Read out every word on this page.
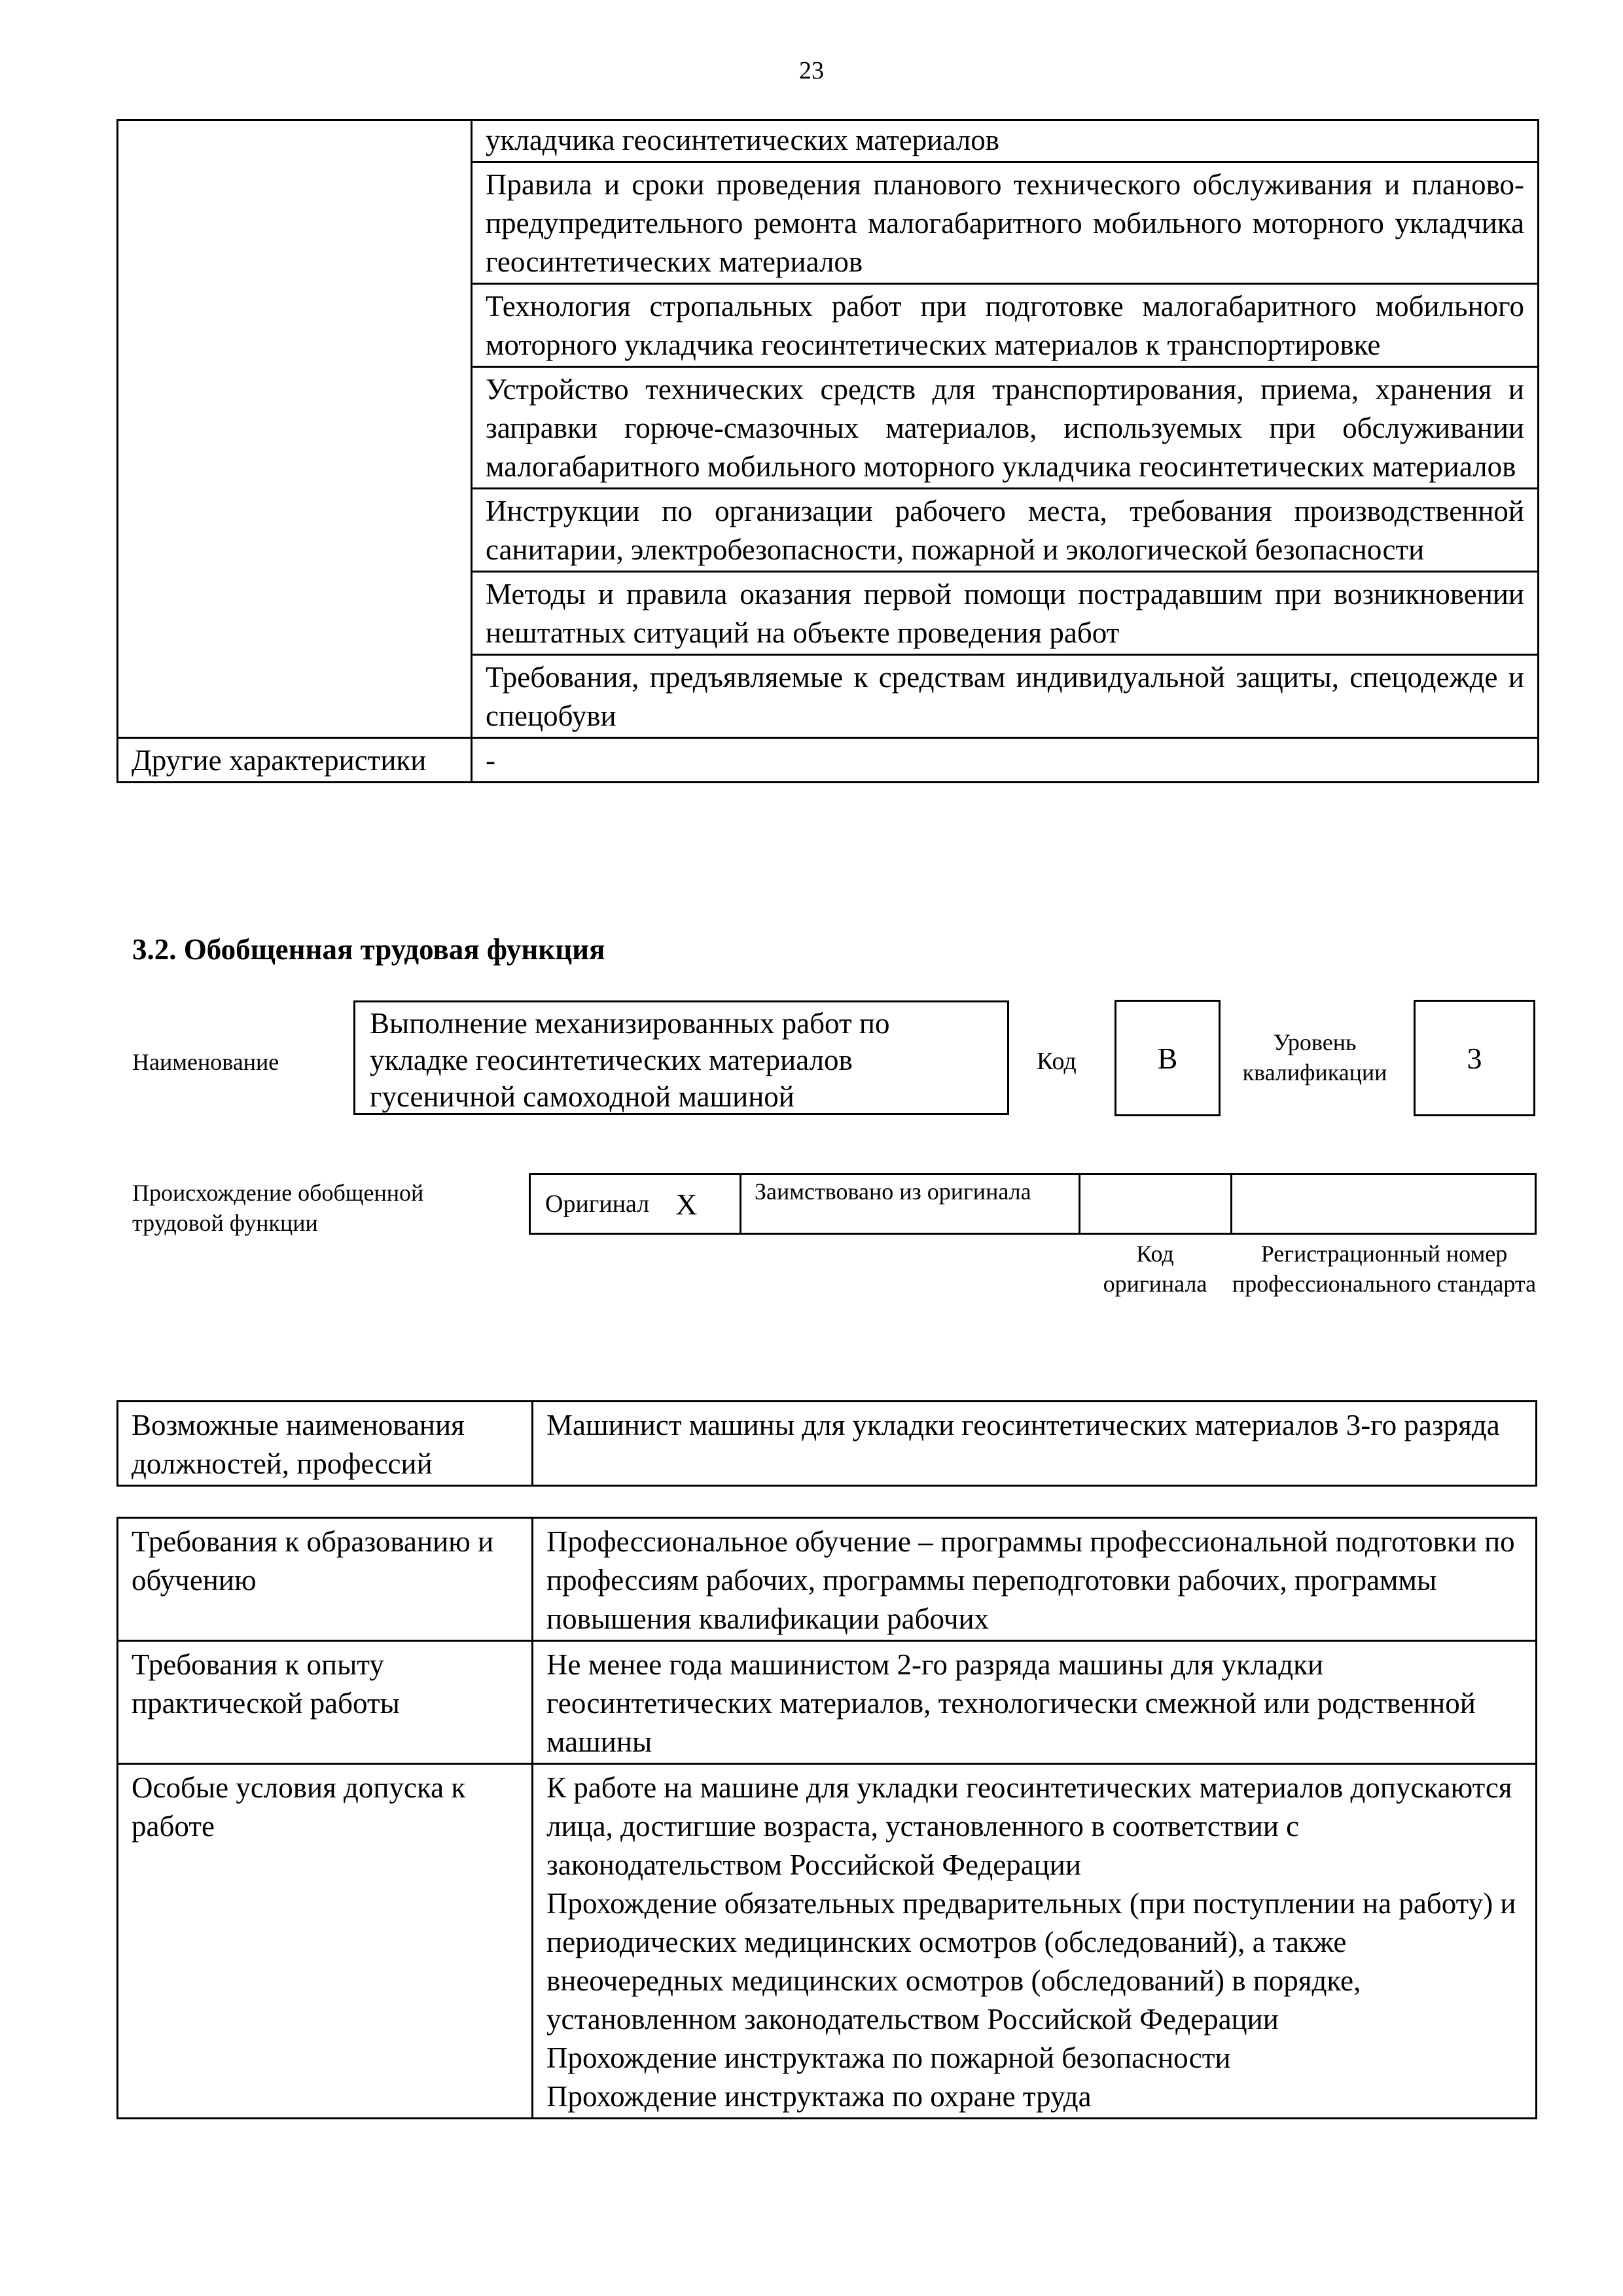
23
	укладчика геосинтетических материалов
	Правила и сроки проведения планового технического обслуживания и планово-предупредительного ремонта малогабаритного мобильного моторного укладчика геосинтетических материалов
	Технология стропальных работ при подготовке малогабаритного мобильного моторного укладчика геосинтетических материалов к транспортировке
	Устройство технических средств для транспортирования, приема, хранения и заправки горюче-смазочных материалов, используемых при обслуживании малогабаритного мобильного моторного укладчика геосинтетических материалов
	Инструкции по организации рабочего места, требования производственной санитарии, электробезопасности, пожарной и экологической безопасности
	Методы и правила оказания первой помощи пострадавшим при возникновении нештатных ситуаций на объекте проведения работ
	Требования, предъявляемые к средствам индивидуальной защиты, спецодежде и спецобуви
Другие характеристики	-
3.2. Обобщенная трудовая функция
Наименование
Выполнение механизированных работ по укладке геосинтетических материалов гусеничной самоходной машиной
Код	В	Уровень квалификации	3
Происхождение обобщенной трудовой функции
Оригинал X	Заимствовано из оригинала
Код оригинала
Регистрационный номер профессионального стандарта
Возможные наименования должностей, профессий	Машинист машины для укладки геосинтетических материалов 3-го разряда
Требования к образованию и обучению	Профессиональное обучение – программы профессиональной подготовки по профессиям рабочих, программы переподготовки рабочих, программы повышения квалификации рабочих

Требования к опыту практической работы	Не менее года машинистом 2-го разряда машины для укладки геосинтетических материалов, технологически смежной или родственной машины

Особые условия допуска к работе	К работе на машине для укладки геосинтетических материалов допускаются лица, достигшие возраста, установленного в соответствии с законодательством Российской Федерации
Прохождение обязательных предварительных (при поступлении на работу) и периодических медицинских осмотров (обследований), а также внеочередных медицинских осмотров (обследований) в порядке, установленном законодательством Российской Федерации
Прохождение инструктажа по пожарной безопасности
Прохождение инструктажа по охране труда
